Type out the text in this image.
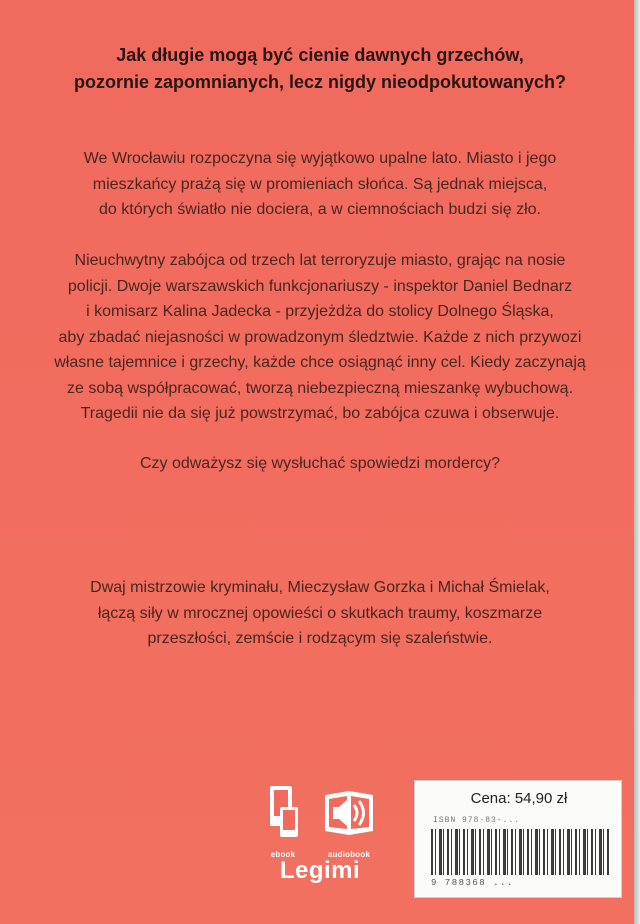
Jak długie mogą być cienie dawnych grzechów,
pozornie zapomnianych, lecz nigdy nieodpokutowanych?
We Wrocławiu rozpoczyna się wyjątkowo upalne lato. Miasto i jego
mieszkańcy prażą się w promieniach słońca. Są jednak miejsca,
do których światło nie dociera, a w ciemnościach budzi się zło.
Nieuchwytny zabójca od trzech lat terroryzuje miasto, grając na nosie
policji. Dwoje warszawskich funkcjonariuszy - inspektor Daniel Bednarz
i komisarz Kalina Jadecka - przyjeżdża do stolicy Dolnego Śląska,
aby zbadać niejasności w prowadzonym śledztwie. Każde z nich przywozi
własne tajemnice i grzechy, każde chce osiągnąć inny cel. Kiedy zaczynają
ze sobą współpracować, tworzą niebezpieczną mieszankę wybuchową.
Tragedii nie da się już powstrzymać, bo zabójca czuwa i obserwuje.
Czy odważysz się wysłuchać spowiedzi mordercy?
Dwaj mistrzowie kryminału, Mieczysław Gorzka i Michał Śmielak,
łączą siły w mrocznej opowieści o skutkach traumy, koszmarze
przeszłości, zemście i rodzącym się szaleństwie.
ebook	audiobook
Legimi
Cena: 54,90 zł
ISBN 978-83-...
9 788368 ...
